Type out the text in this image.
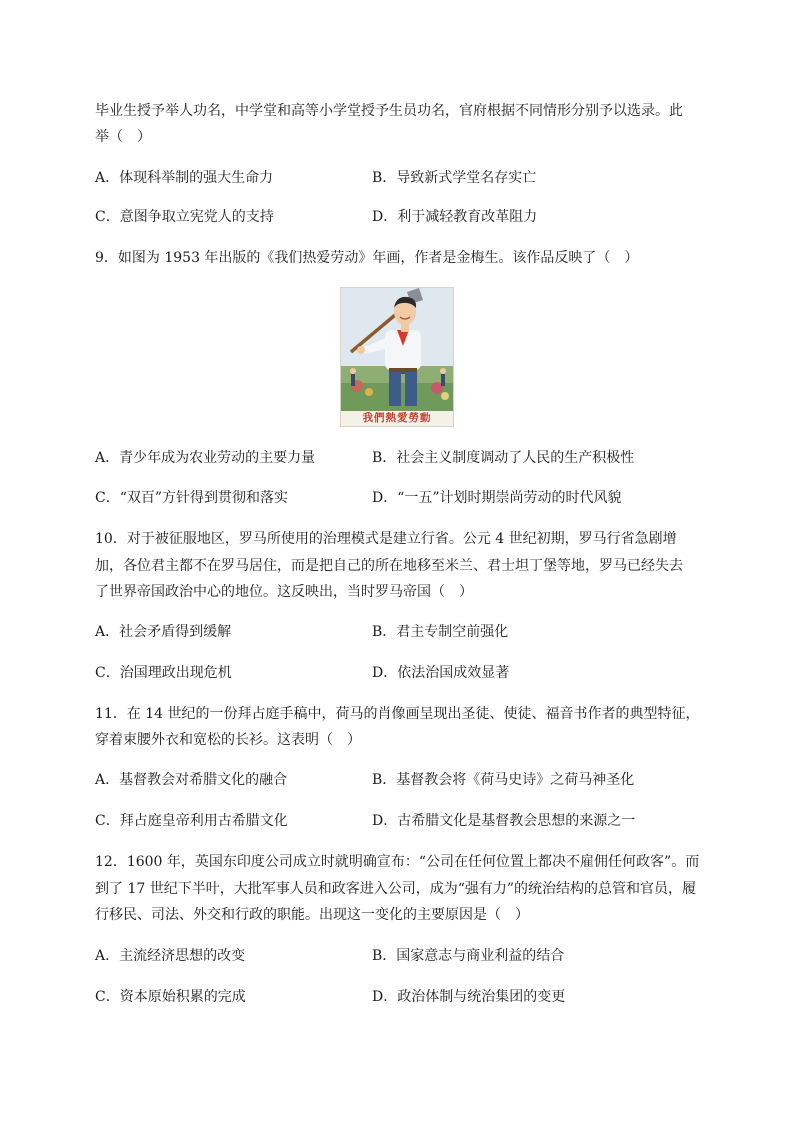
毕业生授予举人功名，中学堂和高等小学堂授予生员功名，官府根据不同情形分别予以选录。此
举（　）
A．体现科举制的强大生命力	B．导致新式学堂名存实亡
C．意图争取立宪党人的支持	D．利于减轻教育改革阻力
9．如图为 1953 年出版的《我们热爱劳动》年画，作者是金梅生。该作品反映了（　）
我們熱愛勞動
A．青少年成为农业劳动的主要力量	B．社会主义制度调动了人民的生产积极性
C．“双百”方针得到贯彻和落实	D．“一五”计划时期崇尚劳动的时代风貌
10．对于被征服地区，罗马所使用的治理模式是建立行省。公元 4 世纪初期，罗马行省急剧增
加，各位君主都不在罗马居住，而是把自己的所在地移至米兰、君士坦丁堡等地，罗马已经失去
了世界帝国政治中心的地位。这反映出，当时罗马帝国（　）
A．社会矛盾得到缓解	B．君主专制空前强化
C．治国理政出现危机	D．依法治国成效显著
11．在 14 世纪的一份拜占庭手稿中，荷马的肖像画呈现出圣徒、使徒、福音书作者的典型特征，
穿着束腰外衣和宽松的长衫。这表明（　）
A．基督教会对希腊文化的融合	B．基督教会将《荷马史诗》之荷马神圣化
C．拜占庭皇帝利用古希腊文化	D．古希腊文化是基督教会思想的来源之一
12．1600 年，英国东印度公司成立时就明确宣布：“公司在任何位置上都决不雇佣任何政客”。而
到了 17 世纪下半叶，大批军事人员和政客进入公司，成为“强有力”的统治结构的总管和官员，履
行移民、司法、外交和行政的职能。出现这一变化的主要原因是（　）
A．主流经济思想的改变	B．国家意志与商业利益的结合
C．资本原始积累的完成	D．政治体制与统治集团的变更
